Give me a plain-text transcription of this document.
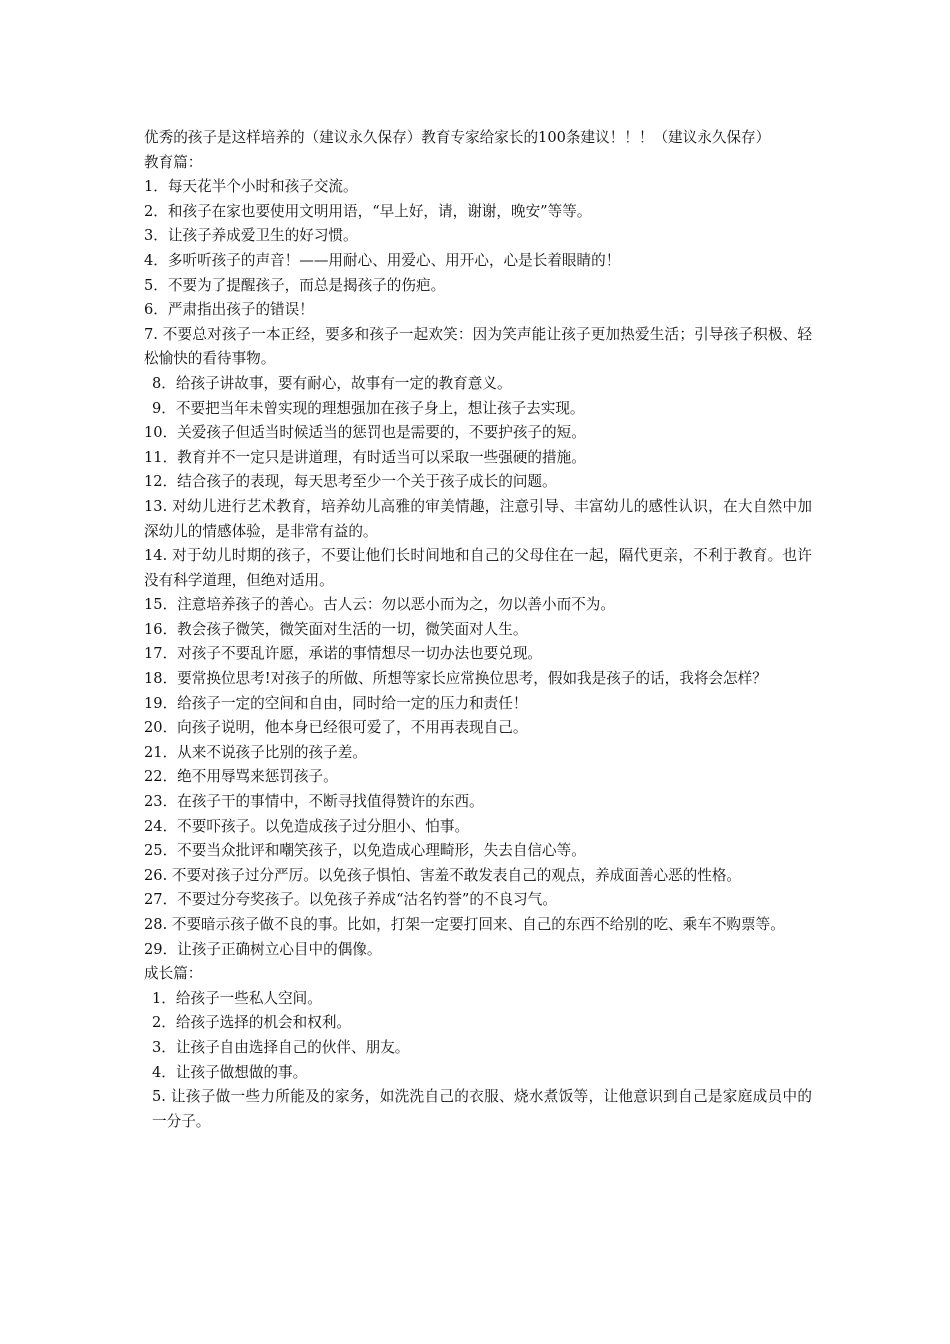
优秀的孩子是这样培养的（建议永久保存）教育专家给家长的100条建议！！！（建议永久保存）

教育篇：

1．每天花半个小时和孩子交流。

2．和孩子在家也要使用文明用语，“早上好，请，谢谢，晚安”等等。

3．让孩子养成爱卫生的好习惯。

4．多听听孩子的声音！——用耐心、用爱心、用开心，心是长着眼睛的！

5．不要为了提醒孩子，而总是揭孩子的伤疤。

6．严肃指出孩子的错误！

7. 不要总对孩子一本正经，要多和孩子一起欢笑：因为笑声能让孩子更加热爱生活；引导孩子积极、轻松愉快的看待事物。

8．给孩子讲故事，要有耐心，故事有一定的教育意义。

9．不要把当年未曾实现的理想强加在孩子身上，想让孩子去实现。

10．关爱孩子但适当时候适当的惩罚也是需要的，不要护孩子的短。

11．教育并不一定只是讲道理，有时适当可以采取一些强硬的措施。

12．结合孩子的表现，每天思考至少一个关于孩子成长的问题。

13. 对幼儿进行艺术教育，培养幼儿高雅的审美情趣，注意引导、丰富幼儿的感性认识，在大自然中加深幼儿的情感体验，是非常有益的。

14. 对于幼儿时期的孩子，不要让他们长时间地和自己的父母住在一起，隔代更亲，不利于教育。也许没有科学道理，但绝对适用。

15．注意培养孩子的善心。古人云：勿以恶小而为之，勿以善小而不为。

16．教会孩子微笑，微笑面对生活的一切，微笑面对人生。

17．对孩子不要乱许愿，承诺的事情想尽一切办法也要兑现。

18．要常换位思考!对孩子的所做、所想等家长应常换位思考，假如我是孩子的话，我将会怎样？

19．给孩子一定的空间和自由，同时给一定的压力和责任！

20．向孩子说明，他本身已经很可爱了，不用再表现自己。

21．从来不说孩子比别的孩子差。

22．绝不用辱骂来惩罚孩子。

23．在孩子干的事情中，不断寻找值得赞许的东西。

24．不要吓孩子。以免造成孩子过分胆小、怕事。

25．不要当众批评和嘲笑孩子，以免造成心理畸形，失去自信心等。

26. 不要对孩子过分严厉。以免孩子惧怕、害羞不敢发表自己的观点，养成面善心恶的性格。

27．不要过分夸奖孩子。以免孩子养成“沽名钓誉”的不良习气。

28. 不要暗示孩子做不良的事。比如，打架一定要打回来、自己的东西不给别的吃、乘车不购票等。

29．让孩子正确树立心目中的偶像。

成长篇：

1．给孩子一些私人空间。

2．给孩子选择的机会和权利。

3．让孩子自由选择自己的伙伴、朋友。

4．让孩子做想做的事。

5. 让孩子做一些力所能及的家务，如洗洗自己的衣服、烧水煮饭等，让他意识到自己是家庭成员中的一分子。
